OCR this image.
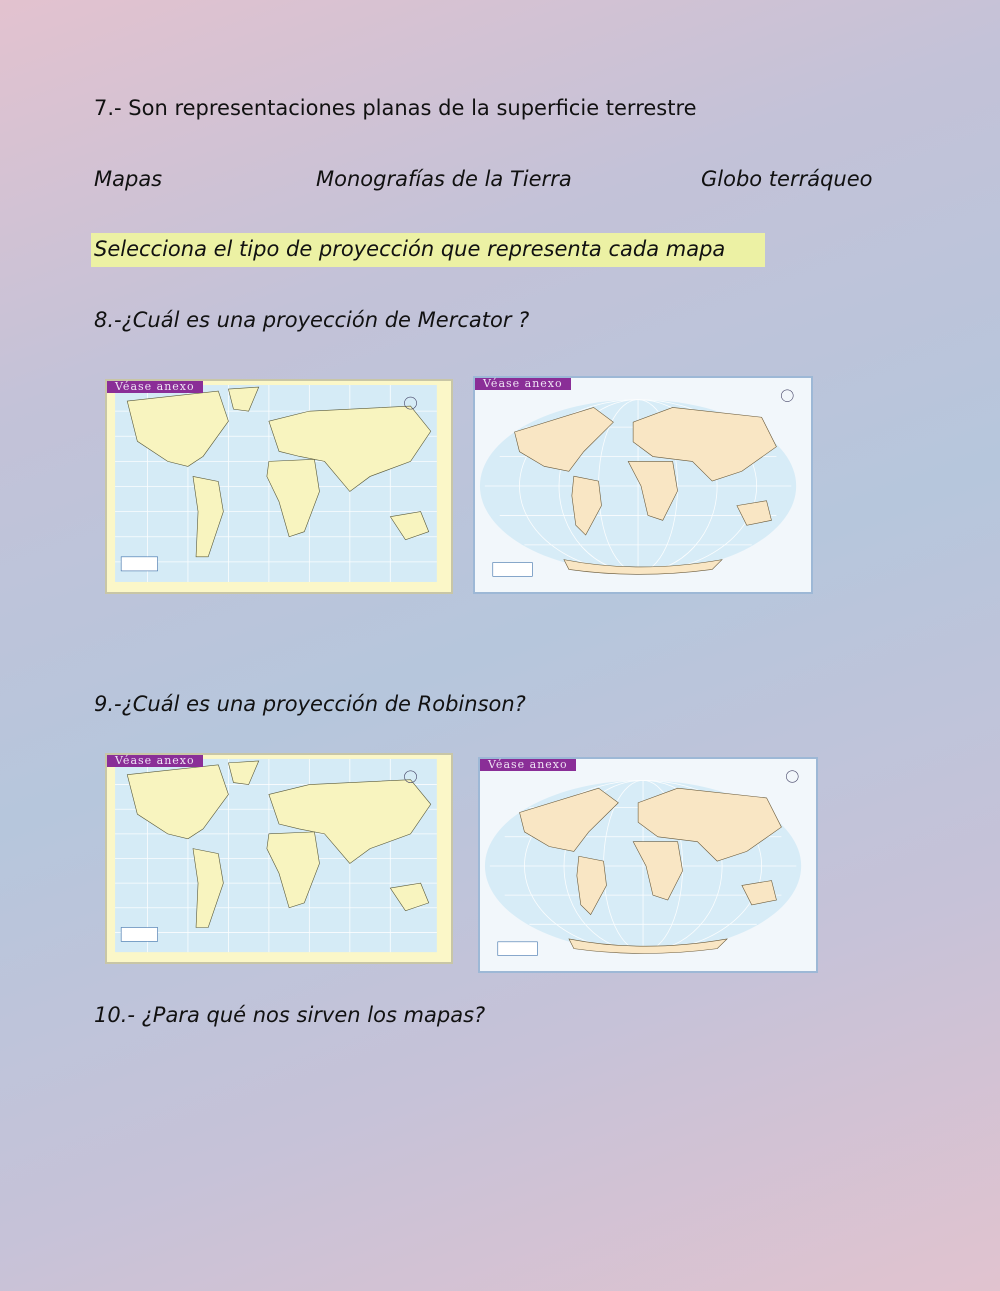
7.- Son representaciones planas de la superficie terrestre
Mapas	Monografías de la Tierra	Globo terráqueo
Selecciona el tipo de proyección que representa cada mapa
8.-¿Cuál es una proyección de Mercator ?
Véase anexo	Véase anexo
9.-¿Cuál es una proyección de Robinson?
Véase anexo	Véase anexo
10.- ¿Para qué nos sirven los mapas?
